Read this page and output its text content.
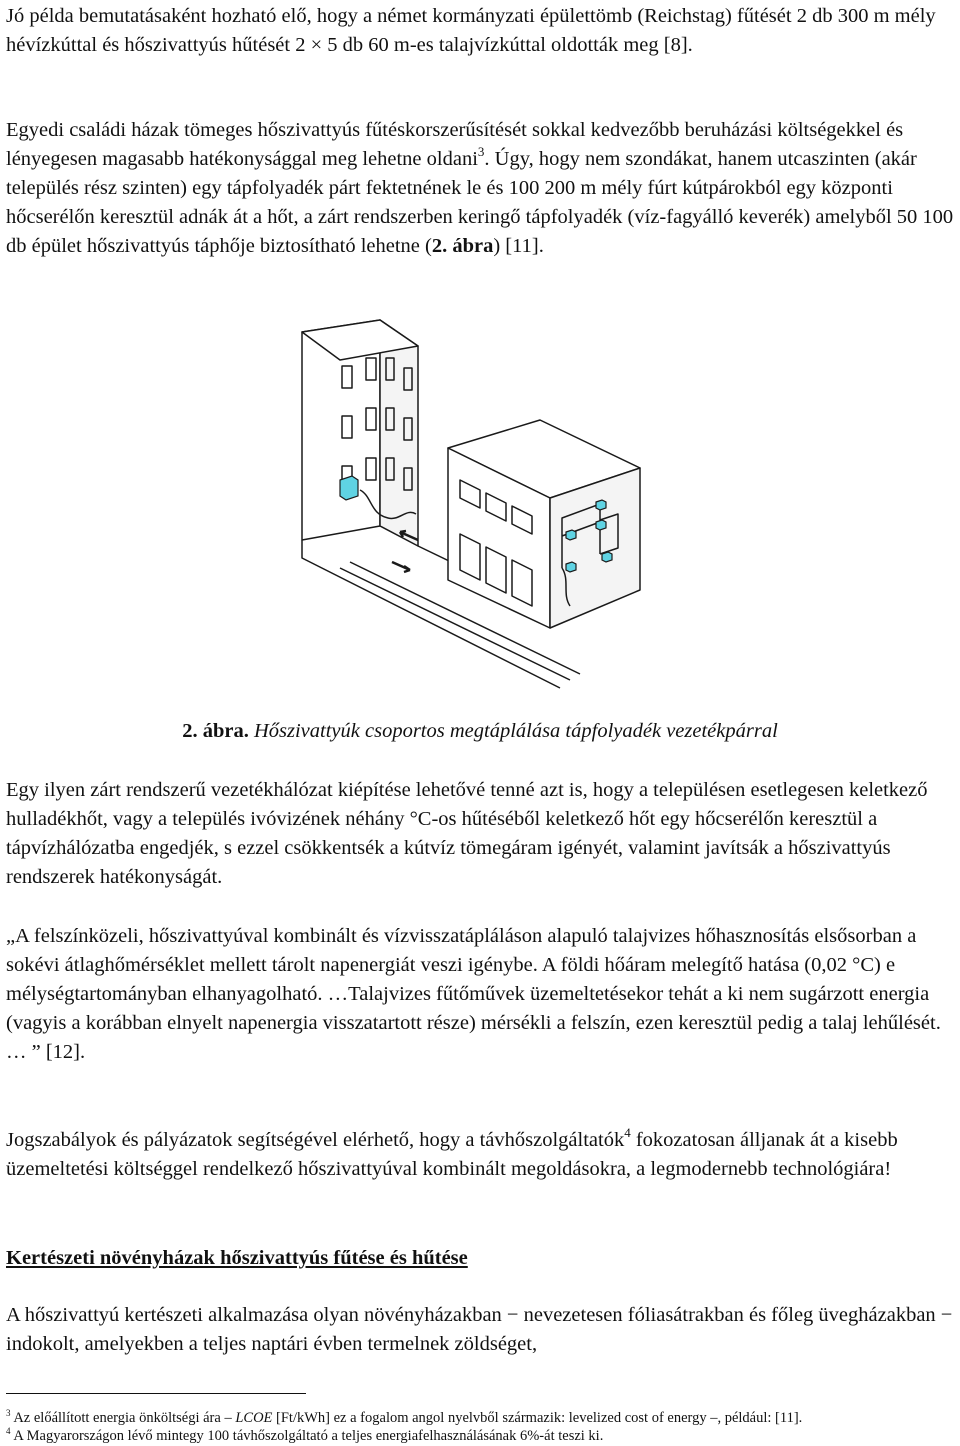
Jó példa bemutatásaként hozható elő, hogy a német kormányzati épülettömb (Reichstag) fűtését 2 db 300 m mély hévízkúttal és hőszivattyús hűtését 2 × 5 db 60 m-es talajvízkúttal oldották meg [8].

Egyedi családi házak tömeges hőszivattyús fűtéskorszerűsítését sokkal kedvezőbb beruházási költségekkel és lényegesen magasabb hatékonysággal meg lehetne oldani$^3$. Úgy, hogy nem szondákat, hanem utcaszinten (akár település rész szinten) egy tápfolyadék párt fektetnének le és 100 200 m mély fúrt kútpárokból egy központi hőcserélőn keresztül adnák át a hőt, a zárt rendszerben keringő tápfolyadék (víz-fagyálló keverék) amelyből 50 100 db épület hőszivattyús táphője biztosítható lehetne (2. ábra) [11].

2. ábra. Hőszivattyúk csoportos megtáplálása tápfolyadék vezetékpárral

Egy ilyen zárt rendszerű vezetékhálózat kiépítése lehetővé tenné azt is, hogy a településen esetlegesen keletkező hulladékhőt, vagy a település ivóvizének néhány °C-os hűtéséből keletkező hőt egy hőcserélőn keresztül a tápvízhálózatba engedjék, s ezzel csökkentsék a kútvíz tömegáram igényét, valamint javítsák a hőszivattyús rendszerek hatékonyságát.

„A felszínközeli, hőszivattyúval kombinált és vízvisszatápláláson alapuló talajvizes hőhasznosítás elsősorban a sokévi átlaghőmérséklet mellett tárolt napenergiát veszi igénybe. A földi hőáram melegítő hatása (0,02 °C) e mélységtartományban elhanyagolható. …Talajvizes fűtőművek üzemeltetésekor tehát a ki nem sugárzott energia (vagyis a korábban elnyelt napenergia visszatartott része) mérsékli a felszín, ezen keresztül pedig a talaj lehűlését. … ” [12].

Jogszabályok és pályázatok segítségével elérhető, hogy a távhőszolgáltatók$^4$ fokozatosan álljanak át a kisebb üzemeltetési költséggel rendelkező hőszivattyúval kombinált megoldásokra, a legmodernebb technológiára!

Kertészeti növényházak hőszivattyús fűtése és hűtése

A hőszivattyú kertészeti alkalmazása olyan növényházakban − nevezetesen fóliasátrakban és főleg üvegházakban − indokolt, amelyekben a teljes naptári évben termelnek zöldséget,

$^3$ Az előállított energia önköltségi ára – LCOE [Ft/kWh] ez a fogalom angol nyelvből származik: levelized cost of energy –, például: [11].

$^4$ A Magyarországon lévő mintegy 100 távhőszolgáltató a teljes energiafelhasználásának 6%-át teszi ki.
